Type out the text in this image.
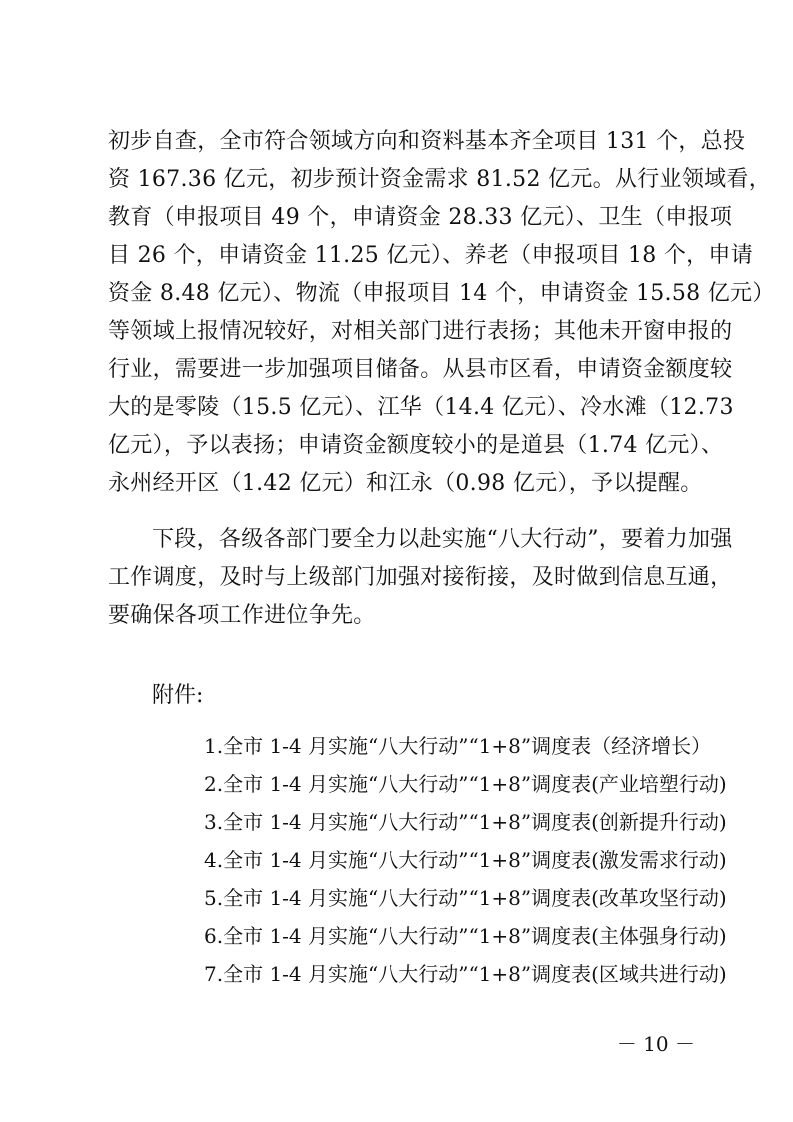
初步自查，全市符合领域方向和资料基本齐全项目 131 个，总投
资 167.36 亿元，初步预计资金需求 81.52 亿元。从行业领域看，
教育（申报项目 49 个，申请资金 28.33 亿元）、卫生（申报项
目 26 个，申请资金 11.25 亿元）、养老（申报项目 18 个，申请
资金 8.48 亿元）、物流（申报项目 14 个，申请资金 15.58 亿元）
等领域上报情况较好，对相关部门进行表扬；其他未开窗申报的
行业，需要进一步加强项目储备。从县市区看，申请资金额度较
大的是零陵（15.5 亿元）、江华（14.4 亿元）、冷水滩（12.73
亿元），予以表扬；申请资金额度较小的是道县（1.74 亿元）、
永州经开区（1.42 亿元）和江永（0.98 亿元），予以提醒。
下段，各级各部门要全力以赴实施“八大行动”，要着力加强
工作调度，及时与上级部门加强对接衔接，及时做到信息互通，
要确保各项工作进位争先。
附件:
1.全市 1-4 月实施“八大行动”“1+8”调度表（经济增长）
2.全市 1-4 月实施“八大行动”“1+8”调度表(产业培塑行动)
3.全市 1-4 月实施“八大行动”“1+8”调度表(创新提升行动)
4.全市 1-4 月实施“八大行动”“1+8”调度表(激发需求行动)
5.全市 1-4 月实施“八大行动”“1+8”调度表(改革攻坚行动)
6.全市 1-4 月实施“八大行动”“1+8”调度表(主体强身行动)
7.全市 1-4 月实施“八大行动”“1+8”调度表(区域共进行动)
－ 10 －
